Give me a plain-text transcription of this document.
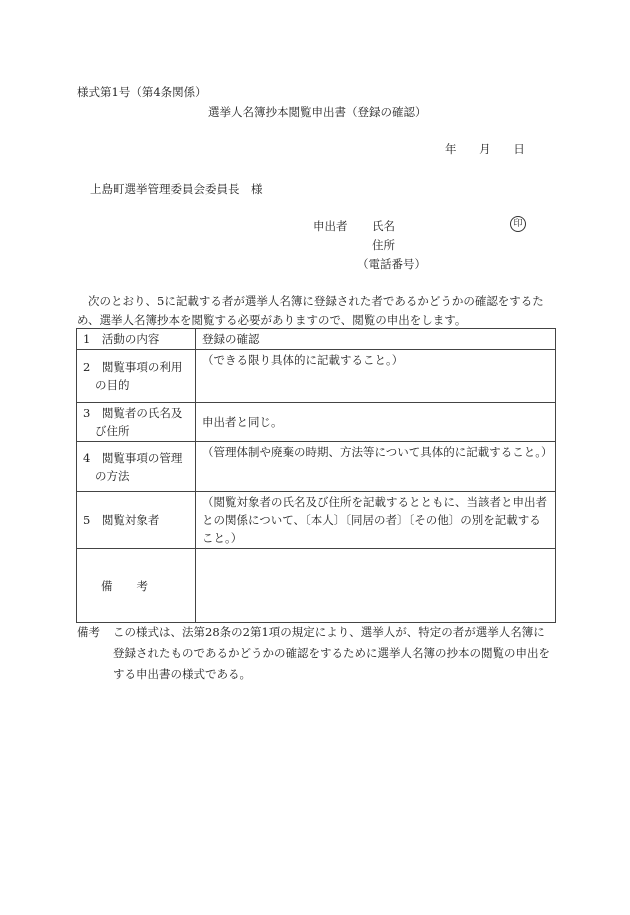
様式第1号（第4条関係）
選挙人名簿抄本閲覧申出書（登録の確認）
年 月 日
上島町選挙管理委員会委員長　様
申出者 氏名	印
住所
（電話番号）
次のとおり、5に記載する者が選挙人名簿に登録された者であるかどうかの確認をするため、選挙人名簿抄本を閲覧する必要がありますので、閲覧の申出をします。
1　活動の内容	登録の確認

2　閲覧事項の利用の目的	（できる限り具体的に記載すること。）

3　閲覧者の氏名及び住所	申出者と同じ。

4　閲覧事項の管理の方法	（管理体制や廃棄の時期、方法等について具体的に記載すること。）

5　閲覧対象者	（閲覧対象者の氏名及び住所を記載するとともに、当該者と申出者との関係について、〔本人〕〔同居の者〕〔その他〕の別を記載すること。）
備考	
備考 この様式は、法第28条の2第1項の規定により、選挙人が、特定の者が選挙人名簿に登録されたものであるかどうかの確認をするために選挙人名簿の抄本の閲覧の申出をする申出書の様式である。
